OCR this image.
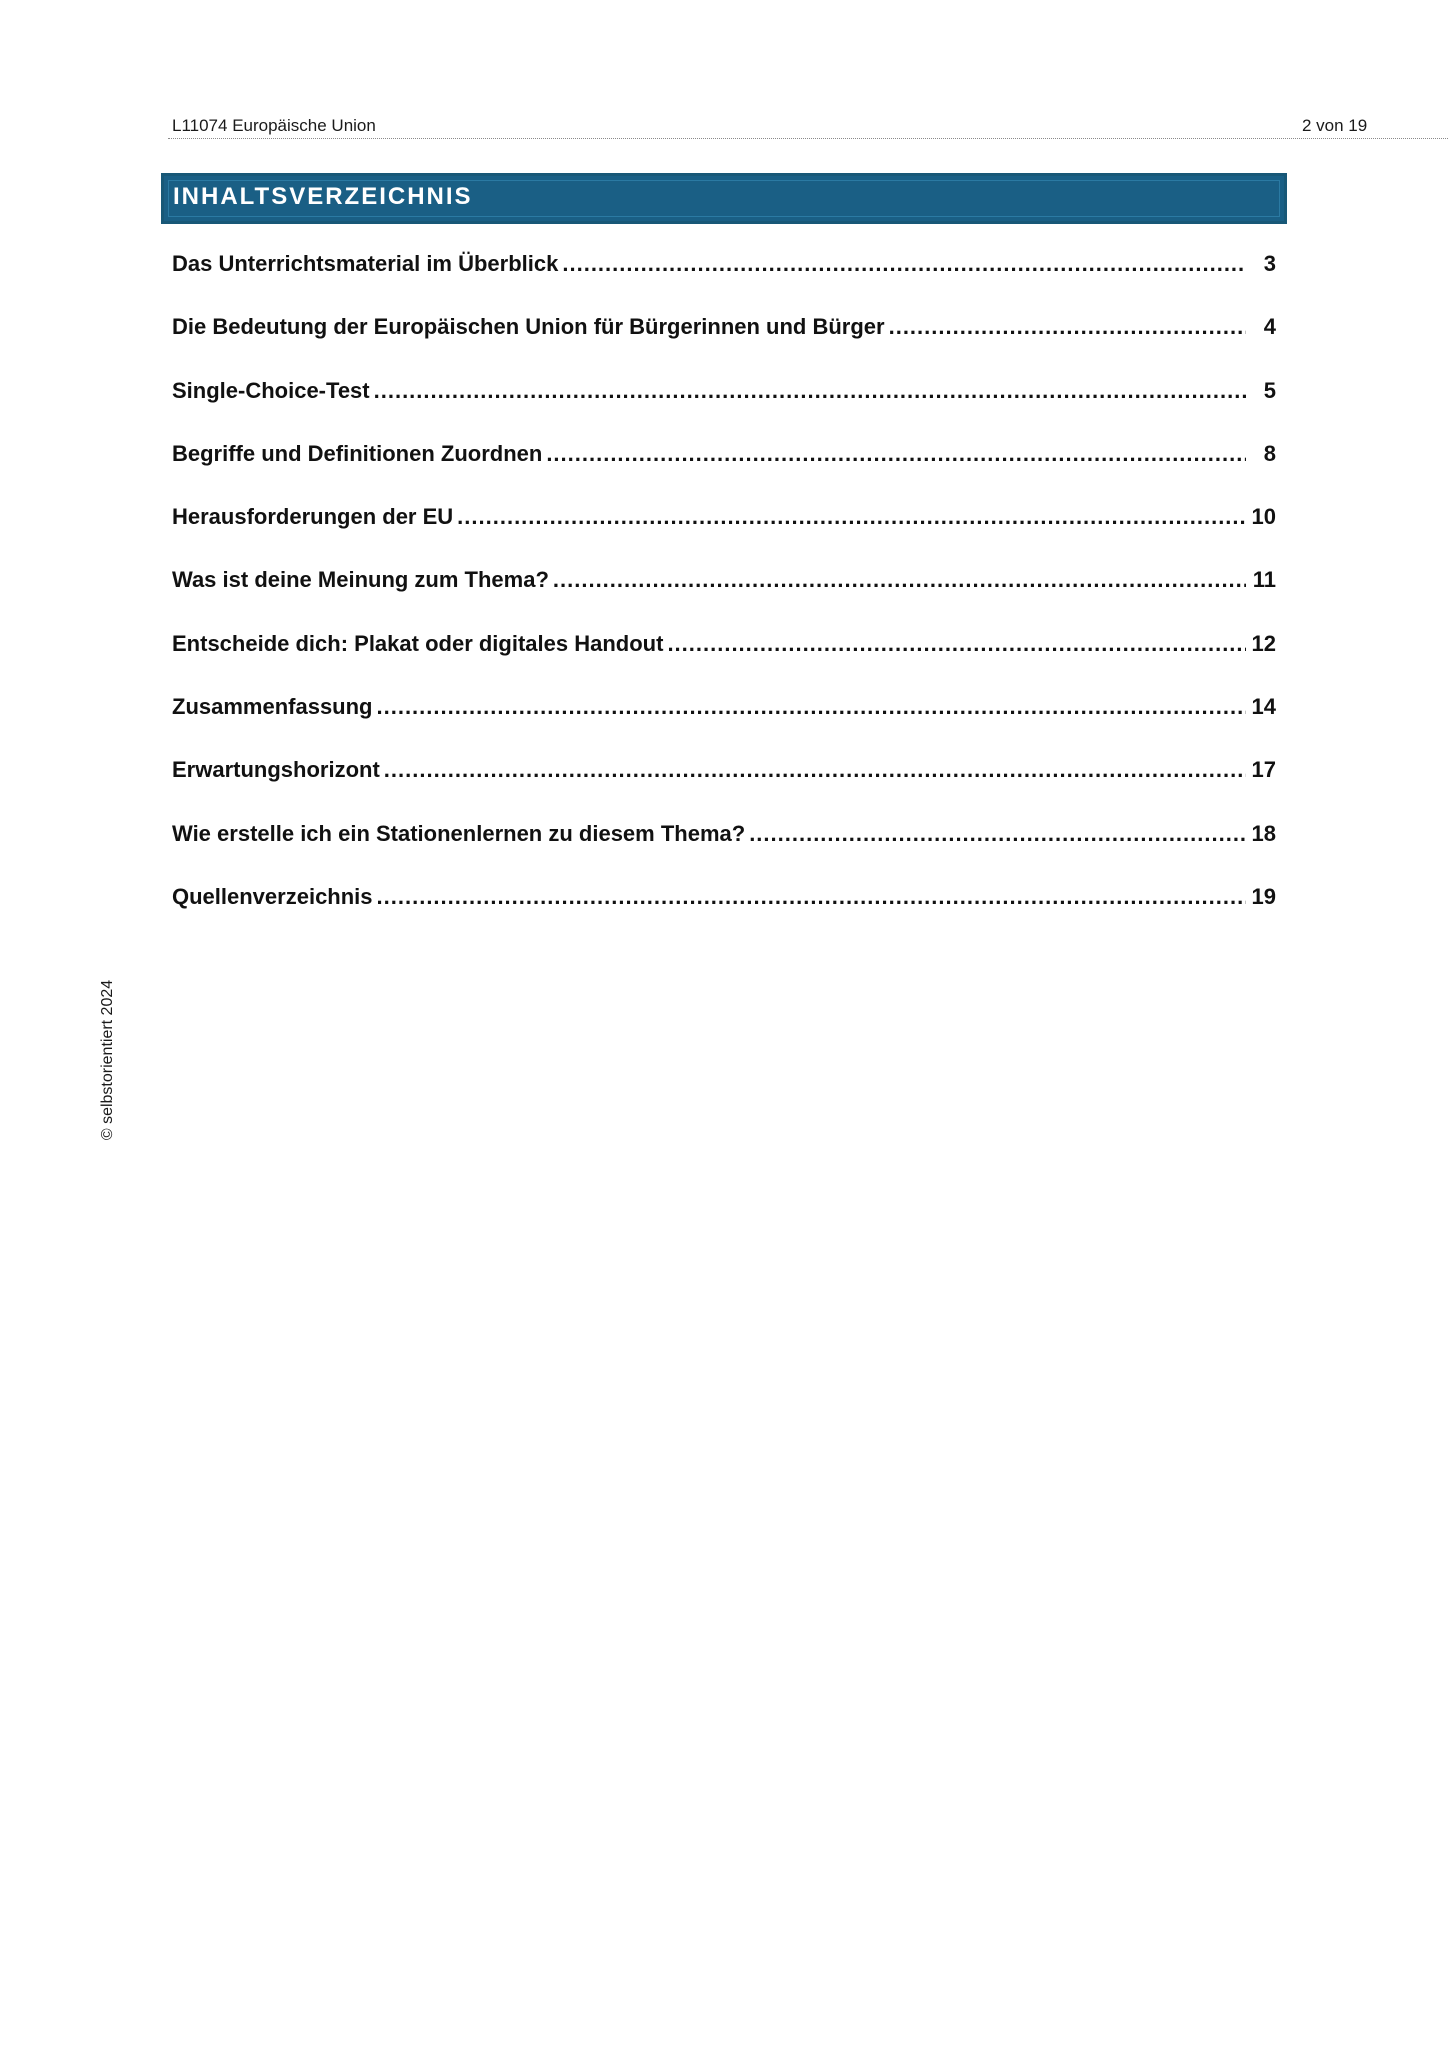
L11074 Europäische Union	2 von 19
INHALTSVERZEICHNIS
Das Unterrichtsmaterial im Überblick .....	3
Die Bedeutung der Europäischen Union für Bürgerinnen und Bürger .....	4
Single-Choice-Test .....	5
Begriffe und Definitionen Zuordnen .....	8
Herausforderungen der EU .....	10
Was ist deine Meinung zum Thema? .....	11
Entscheide dich: Plakat oder digitales Handout .....	12
Zusammenfassung .....	14
Erwartungshorizont .....	17
Wie erstelle ich ein Stationenlernen zu diesem Thema? .....	18
Quellenverzeichnis .....	19
© selbstorientiert 2024
